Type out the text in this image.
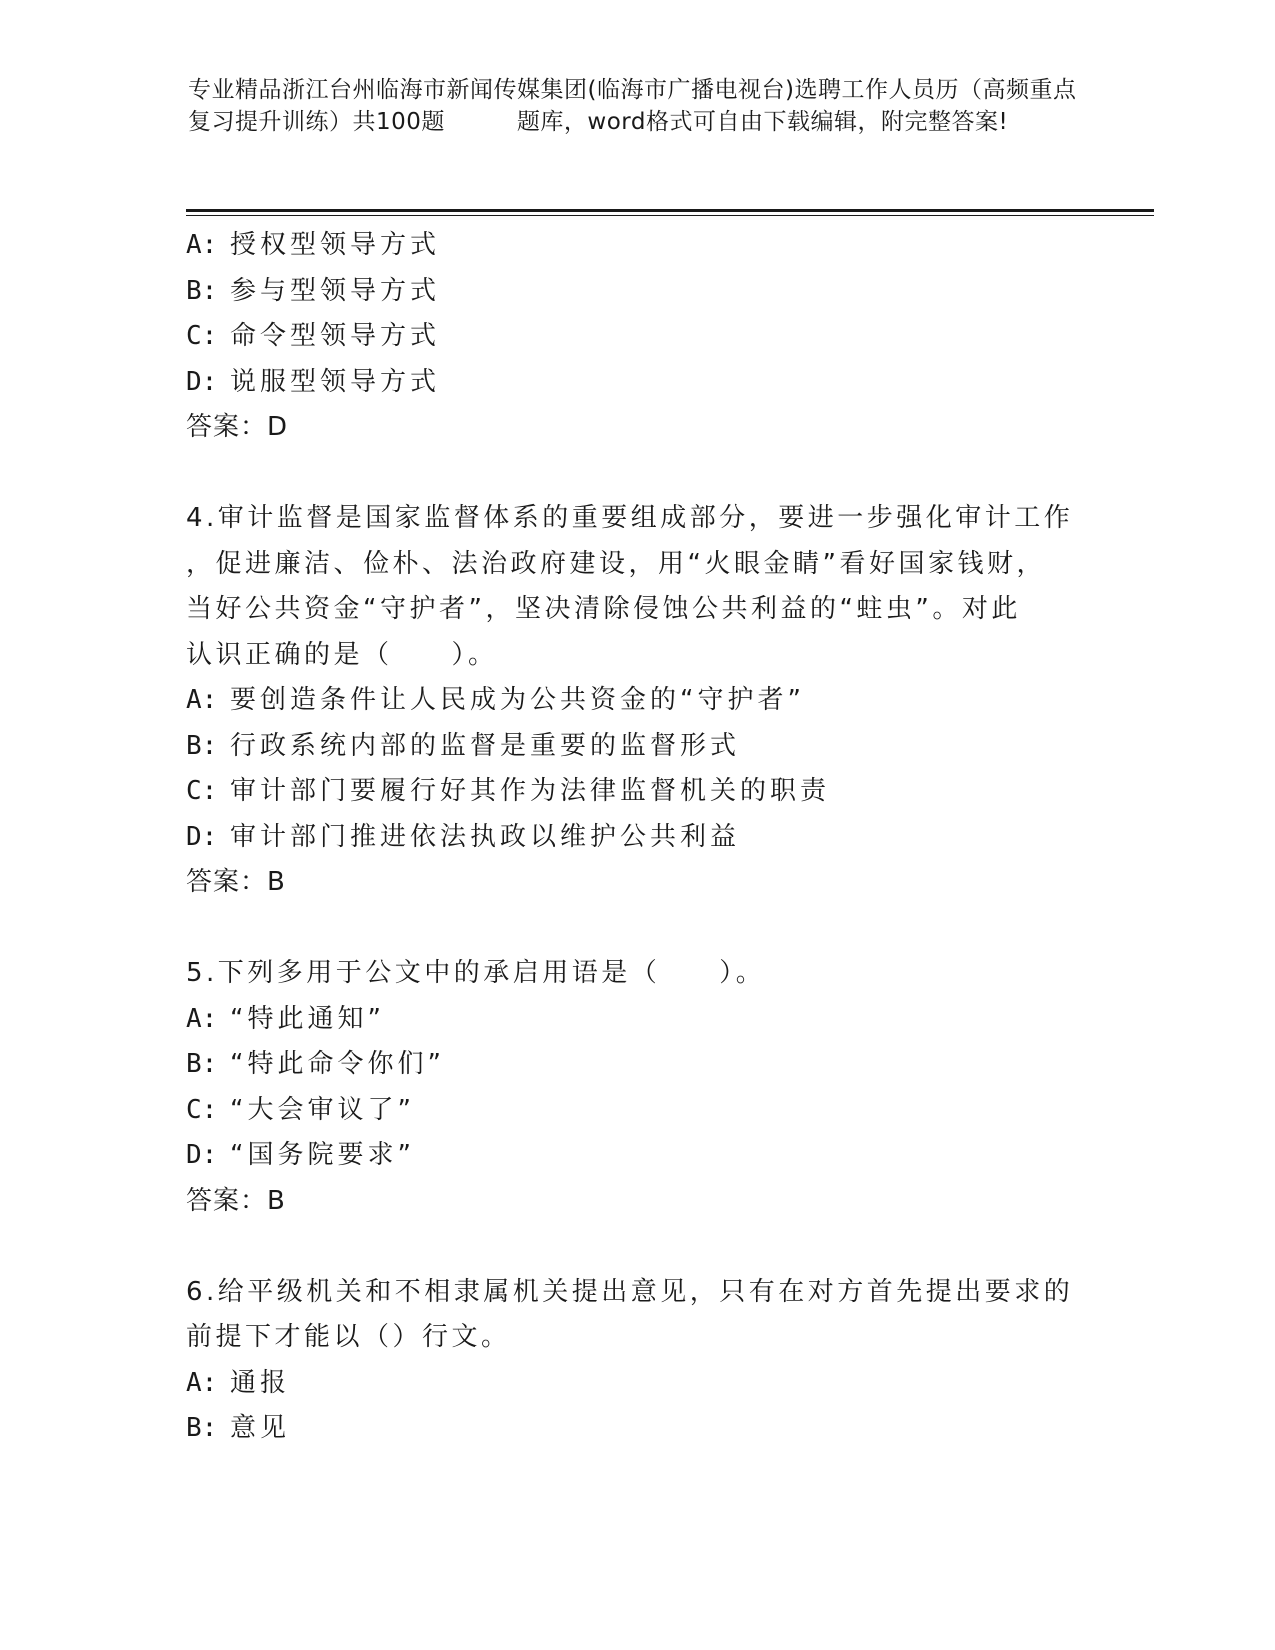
专业精品浙江台州临海市新闻传媒集团(临海市广播电视台)选聘工作人员历（高频重点复习提升训练）共100题	题库，word格式可自由下载编辑，附完整答案!
A: 授权型领导方式
B: 参与型领导方式
C: 命令型领导方式
D: 说服型领导方式
答案：D
4.审计监督是国家监督体系的重要组成部分，要进一步强化审计工作
，促进廉洁、俭朴、法治政府建设，用“火眼金睛”看好国家钱财，
当好公共资金“守护者”，坚决清除侵蚀公共利益的“蛀虫”。对此
认识正确的是（　　）。
A: 要创造条件让人民成为公共资金的“守护者”
B: 行政系统内部的监督是重要的监督形式
C: 审计部门要履行好其作为法律监督机关的职责
D: 审计部门推进依法执政以维护公共利益
答案：B
5.下列多用于公文中的承启用语是（　　）。
A: “特此通知”
B: “特此命令你们”
C: “大会审议了”
D: “国务院要求”
答案：B
6.给平级机关和不相隶属机关提出意见，只有在对方首先提出要求的
前提下才能以（）行文。
A: 通报
B: 意见
